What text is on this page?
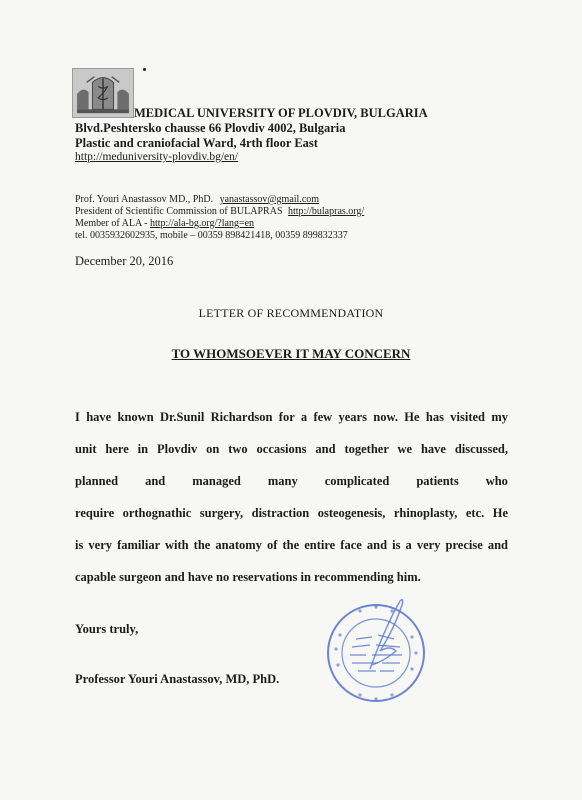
MEDICAL UNIVERSITY OF PLOVDIV, BULGARIA
Blvd.Peshtersko chausse 66 Plovdiv 4002, Bulgaria
Plastic and craniofacial Ward, 4rth floor East
http://meduniversity-plovdiv.bg/en/
Prof. Youri Anastassov MD., PhD. yanastassov@gmail.com
President of Scientific Commission of BULAPRAS http://bulapras.org/
Member of ALA - http://ala-bg.org/?lang=en
tel. 0035932602935, mobile – 00359 898421418, 00359 899832337
December 20, 2016
LETTER OF RECOMMENDATION
TO WHOMSOEVER IT MAY CONCERN
I have known Dr.Sunil Richardson for a few years now. He has visited my
unit here in Plovdiv on two occasions and together we have discussed,
planned and managed many complicated patients who
require orthognathic surgery, distraction osteogenesis, rhinoplasty, etc. He
is very familiar with the anatomy of the entire face and is a very precise and
capable surgeon and have no reservations in recommending him.
Yours truly,
Professor Youri Anastassov, MD, PhD.
